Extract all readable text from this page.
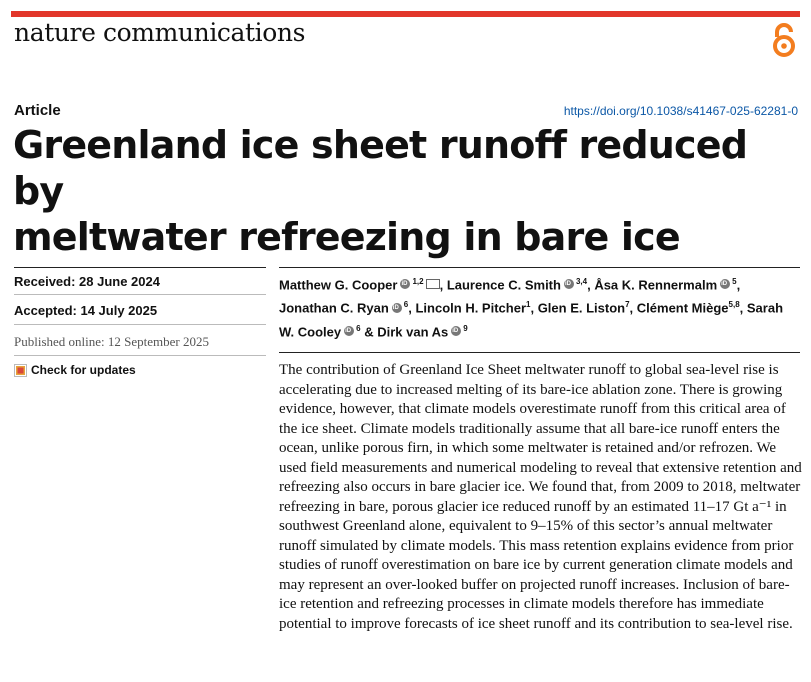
nature communications
Article	https://doi.org/10.1038/s41467-025-62281-0
Greenland ice sheet runoff reduced by
meltwater refreezing in bare ice
Received: 28 June 2024
Accepted: 14 July 2025
Published online: 12 September 2025
Check for updates

Matthew G. Cooper iD $^{1,2}$ , Laurence C. Smith iD $^{3,4}$, Åsa K. RennermalmiD $^5$, Jonathan C. Ryan iD $^6$, Lincoln H. Pitcher$^1$, Glen E. Liston$^7$, Clément Miège$^{5,8}$, Sarah W. Cooley iD $^6$ & Dirk van As iD $^9$

The contribution of Greenland Ice Sheet meltwater runoff to global sea-level rise is accelerating due to increased melting of its bare-ice ablation zone. There is growing evidence, however, that climate models overestimate runoff from this critical area of the ice sheet. Climate models traditionally assume that all bare-ice runoff enters the ocean, unlike porous firn, in which some meltwater is retained and/or refrozen. We used field measurements and numerical modeling to reveal that extensive retention and refreezing also occurs in bare glacier ice. We found that, from 2009 to 2018, meltwater refreezing in bare, porous glacier ice reduced runoff by an estimated 11–17 Gt a⁻¹ in southwest Greenland alone, equivalent to 9–15% of this sector’s annual meltwater runoff simulated by climate models. This mass retention explains evidence from prior studies of runoff overestimation on bare ice by current generation climate models and may represent an over-looked buffer on projected runoff increases. Inclusion of bare-ice retention and refreezing processes in climate models therefore has immediate potential to improve forecasts of ice sheet runoff and its contribution to sea-level rise.
